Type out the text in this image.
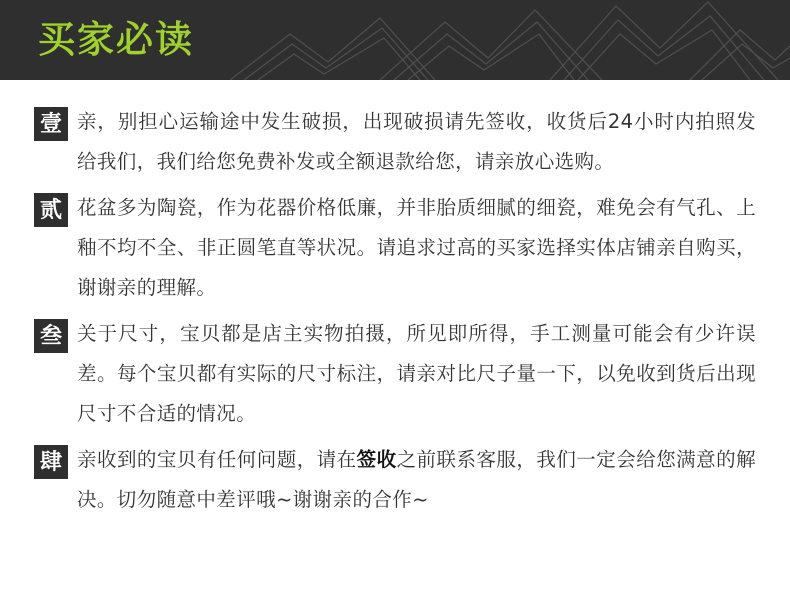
买家必读
壹 亲，别担心运输途中发生破损，出现破损请先签收，收货后24小时内拍照发给我们，我们给您免费补发或全额退款给您，请亲放心选购。
贰 花盆多为陶瓷，作为花器价格低廉，并非胎质细腻的细瓷，难免会有气孔、上釉不均不全、非正圆笔直等状况。请追求过高的买家选择实体店铺亲自购买，谢谢亲的理解。
叁 关于尺寸，宝贝都是店主实物拍摄，所见即所得，手工测量可能会有少许误差。每个宝贝都有实际的尺寸标注，请亲对比尺子量一下，以免收到货后出现尺寸不合适的情况。
肆 亲收到的宝贝有任何问题，请在签收之前联系客服，我们一定会给您满意的解决。切勿随意中差评哦~谢谢亲的合作~
